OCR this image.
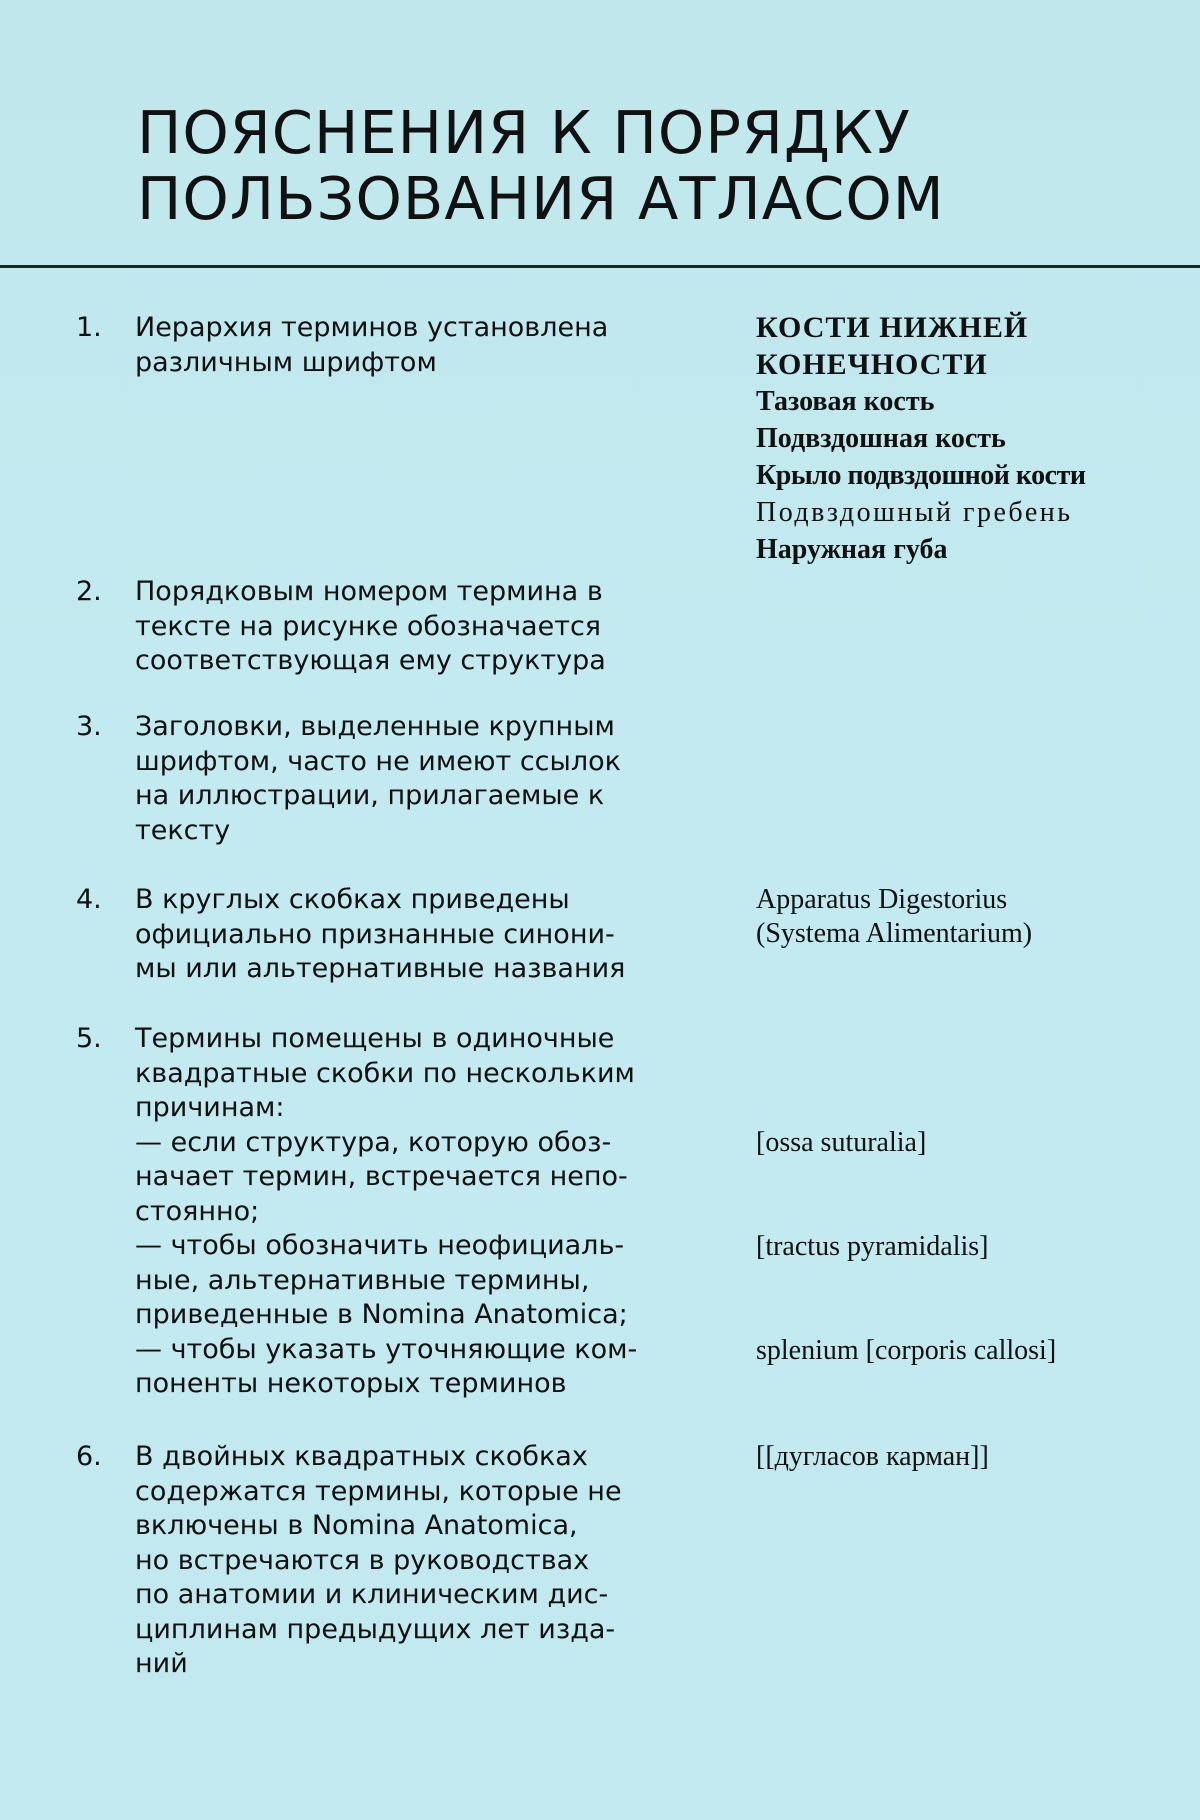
ПОЯСНЕНИЯ К ПОРЯДКУ
ПОЛЬЗОВАНИЯ АТЛАСОМ
1.	Иерархия терминов установлена
различным шрифтом
КОСТИ НИЖНЕЙ
КОНЕЧНОСТИ
Тазовая кость
Подвздошная кость
Крыло подвздошной кости
Подвздошный гребень
Наружная губа
2.	Порядковым номером термина в
тексте на рисунке обозначается
соответствующая ему структура
3.	Заголовки, выделенные крупным
шрифтом, часто не имеют ссылок
на иллюстрации, прилагаемые к
тексту
4.	В круглых скобках приведены
официально признанные синони-
мы или альтернативные названия
Apparatus Digestorius
(Systema Alimentarium)
5.	Термины помещены в одиночные
квадратные скобки по нескольким
причинам:
— если структура, которую обоз-
начает термин, встречается непо-
стоянно;
— чтобы обозначить неофициаль-
ные, альтернативные термины,
приведенные в Nomina Anatomica;
— чтобы указать уточняющие ком-
поненты некоторых терминов
[ossa suturalia]
[tractus pyramidalis]
splenium [corporis callosi]
6.	В двойных квадратных скобках
содержатся термины, которые не
включены в Nomina Anatomica,
но встречаются в руководствах
по анатомии и клиническим дис-
циплинам предыдущих лет изда-
ний
[[дугласов карман]]
